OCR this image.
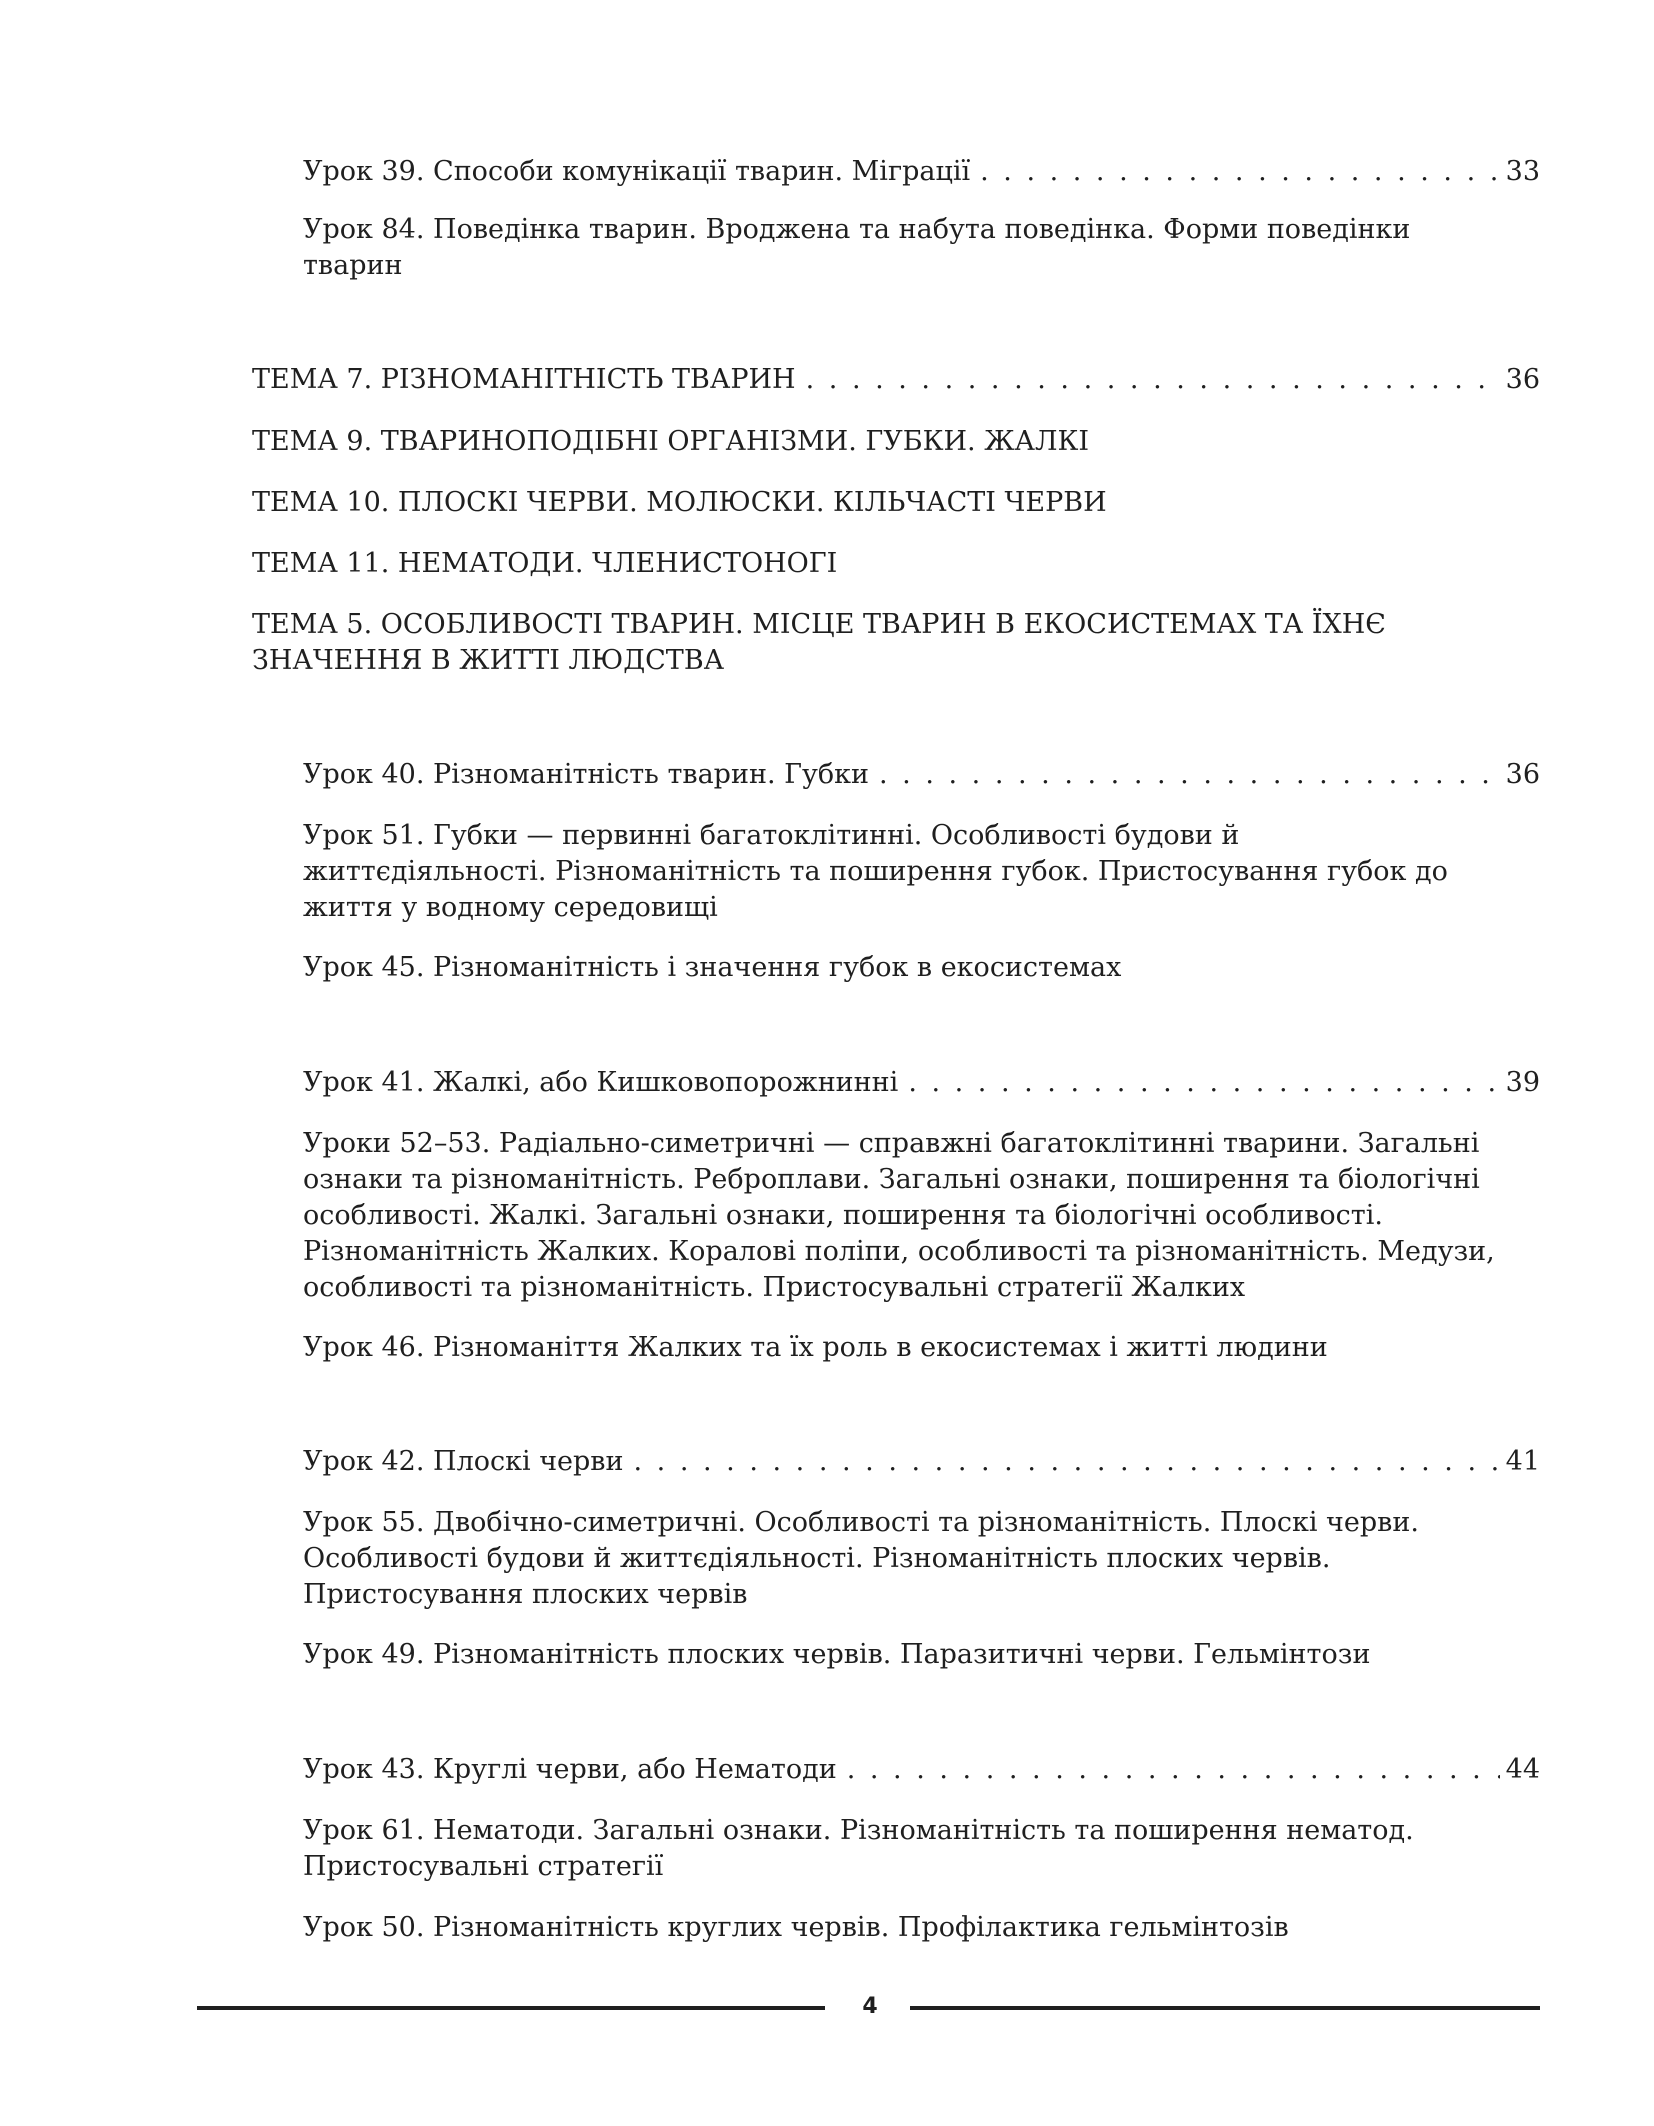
Урок 39. Способи комунікації тварин. Міграції . . .	33
Урок 84. Поведінка тварин. Вроджена та набута поведінка. Форми поведінки тварин
ТЕМА 7. РІЗНОМАНІТНІСТЬ ТВАРИН . . .	36
ТЕМА 9. ТВАРИНОПОДІБНІ ОРГАНІЗМИ. ГУБКИ. ЖАЛКІ
ТЕМА 10. ПЛОСКІ ЧЕРВИ. МОЛЮСКИ. КІЛЬЧАСТІ ЧЕРВИ
ТЕМА 11. НЕМАТОДИ. ЧЛЕНИСТОНОГІ
ТЕМА 5. ОСОБЛИВОСТІ ТВАРИН. МІСЦЕ ТВАРИН В ЕКОСИСТЕМАХ ТА ЇХНЄ ЗНАЧЕННЯ В ЖИТТІ ЛЮДСТВА
Урок 40. Різноманітність тварин. Губки . . .	36
Урок 51. Губки — первинні багатоклітинні. Особливості будови й життєдіяльності. Різноманітність та поширення губок. Пристосування губок до життя у водному середовищі
Урок 45. Різноманітність і значення губок в екосистемах
Урок 41. Жалкі, або Кишковопорожнинні . . .	39
Уроки 52–53. Радіально-симетричні — справжні багатоклітинні тварини. Загальні ознаки та різноманітність. Реброплави. Загальні ознаки, поширення та біологічні особливості. Жалкі. Загальні ознаки, поширення та біологічні особливості. Різноманітність Жалких. Коралові поліпи, особливості та різноманітність. Медузи, особливості та різноманітність. Пристосувальні стратегії Жалких
Урок 46. Різноманіття Жалких та їх роль в екосистемах і житті людини
Урок 42. Плоскі черви . . .	41
Урок 55. Двобічно-симетричні. Особливості та різноманітність. Плоскі черви. Особливості будови й життєдіяльності. Різноманітність плоских червів. Пристосування плоских червів
Урок 49. Різноманітність плоских червів. Паразитичні черви. Гельмінтози
Урок 43. Круглі черви, або Нематоди . . .	44
Урок 61. Нематоди. Загальні ознаки. Різноманітність та поширення нематод. Пристосувальні стратегії
Урок 50. Різноманітність круглих червів. Профілактика гельмінтозів
4
